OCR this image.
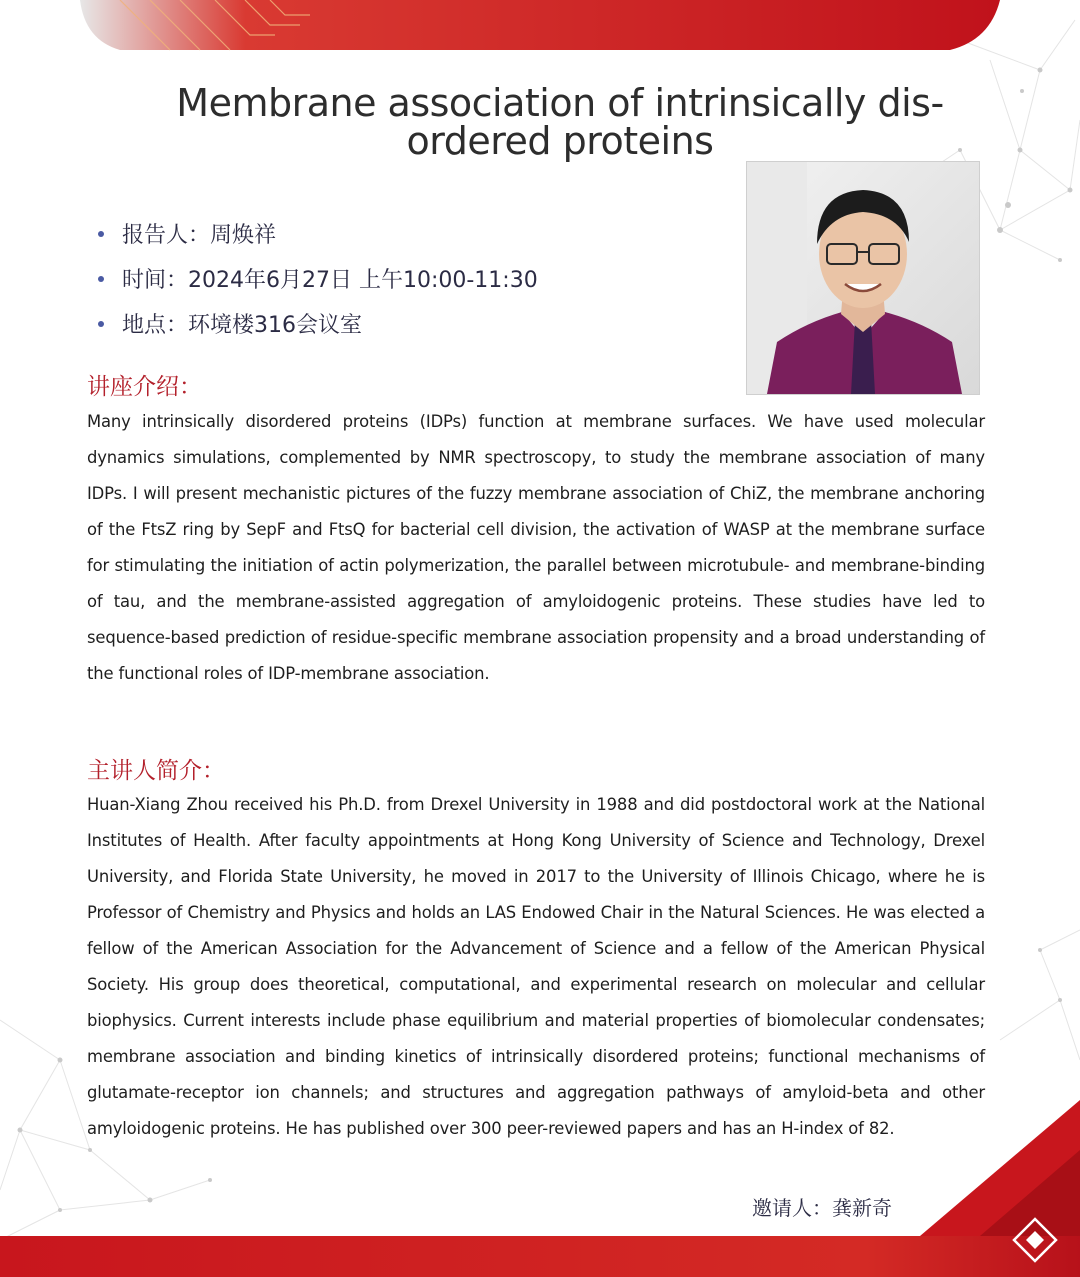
Membrane association of intrinsically dis-
ordered proteins
报告人：周焕祥
时间：2024年6月27日 上午10:00-11:30
地点：环境楼316会议室
讲座介绍：

Many intrinsically disordered proteins (IDPs) function at membrane surfaces. We have used molecular dynamics simulations, complemented by NMR spectroscopy, to study the membrane association of many IDPs. I will present mechanistic pictures of the fuzzy membrane association of ChiZ, the membrane anchoring of the FtsZ ring by SepF and FtsQ for bacterial cell division, the activation of WASP at the membrane surface for stimulating the initiation of actin polymerization, the parallel between microtubule- and membrane-binding of tau, and the membrane-assisted aggregation of amyloidogenic proteins. These studies have led to sequence-based prediction of residue-specific membrane association propensity and a broad understanding of the functional roles of IDP-membrane association.

主讲人简介：

Huan-Xiang Zhou received his Ph.D. from Drexel University in 1988 and did postdoctoral work at the National Institutes of Health. After faculty appointments at Hong Kong University of Science and Technology, Drexel University, and Florida State University, he moved in 2017 to the University of Illinois Chicago, where he is Professor of Chemistry and Physics and holds an LAS Endowed Chair in the Natural Sciences. He was elected a fellow of the American Association for the Advancement of Science and a fellow of the American Physical Society. His group does theoretical, computational, and experimental research on molecular and cellular biophysics. Current interests include phase equilibrium and material properties of biomolecular condensates; membrane association and binding kinetics of intrinsically disordered proteins; functional mechanisms of glutamate-receptor ion channels; and structures and aggregation pathways of amyloid-beta and other amyloidogenic proteins. He has published over 300 peer-reviewed papers and has an H-index of 82.

邀请人：龚新奇
